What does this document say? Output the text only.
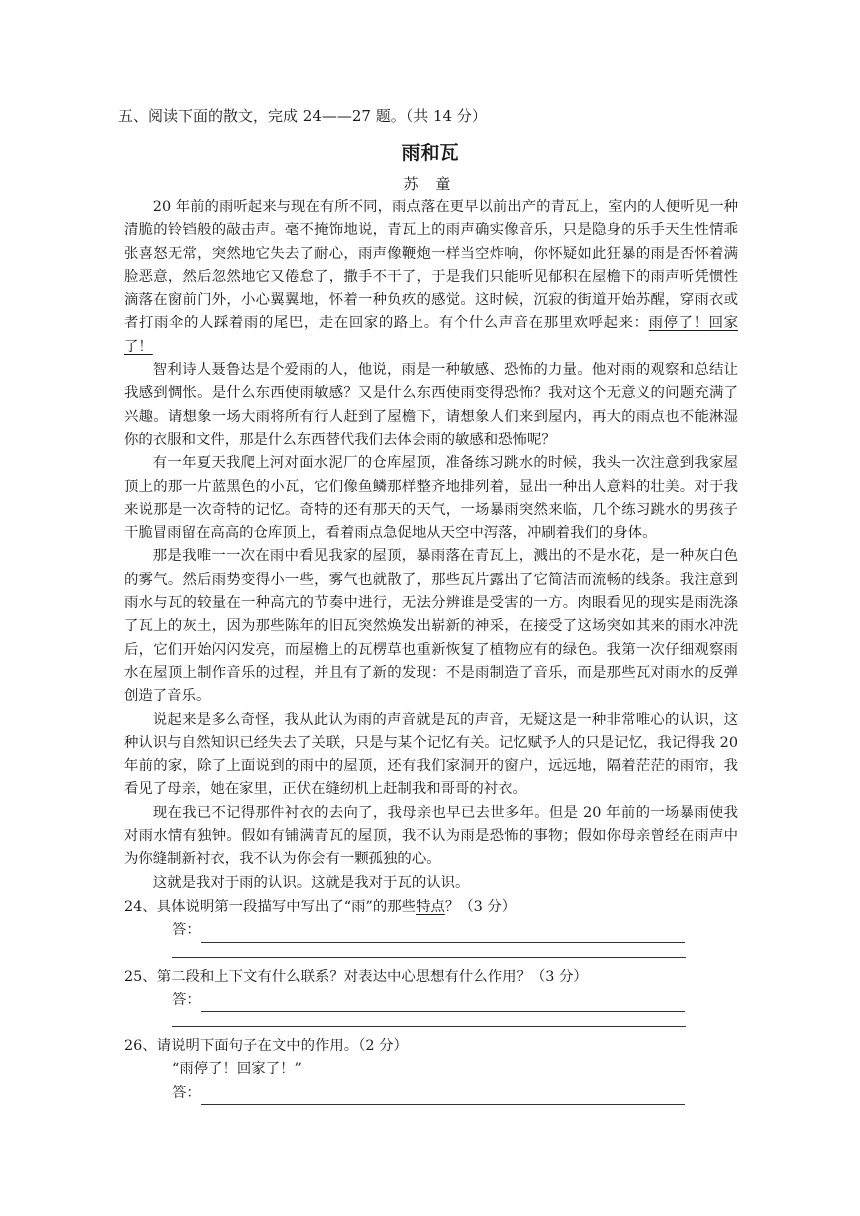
五、阅读下面的散文，完成 24——27 题。（共 14 分）
雨和瓦
苏 童

20 年前的雨听起来与现在有所不同，雨点落在更早以前出产的青瓦上，室内的人便听见一种清脆的铃铛般的敲击声。毫不掩饰地说，青瓦上的雨声确实像音乐，只是隐身的乐手天生性情乖张喜怒无常，突然地它失去了耐心，雨声像鞭炮一样当空炸响，你怀疑如此狂暴的雨是否怀着满脸恶意，然后忽然地它又倦怠了，撒手不干了，于是我们只能听见郁积在屋檐下的雨声听凭惯性滴落在窗前门外，小心翼翼地，怀着一种负疚的感觉。这时候，沉寂的街道开始苏醒，穿雨衣或者打雨伞的人踩着雨的尾巴，走在回家的路上。有个什么声音在那里欢呼起来：雨停了！回家了！

智利诗人聂鲁达是个爱雨的人，他说，雨是一种敏感、恐怖的力量。他对雨的观察和总结让我感到惆怅。是什么东西使雨敏感？又是什么东西使雨变得恐怖？我对这个无意义的问题充满了兴趣。请想象一场大雨将所有行人赶到了屋檐下，请想象人们来到屋内，再大的雨点也不能淋湿你的衣服和文件，那是什么东西替代我们去体会雨的敏感和恐怖呢？

有一年夏天我爬上河对面水泥厂的仓库屋顶，准备练习跳水的时候，我头一次注意到我家屋顶上的那一片蓝黑色的小瓦，它们像鱼鳞那样整齐地排列着，显出一种出人意料的壮美。对于我来说那是一次奇特的记忆。奇特的还有那天的天气，一场暴雨突然来临，几个练习跳水的男孩子干脆冒雨留在高高的仓库顶上，看着雨点急促地从天空中泻落，冲刷着我们的身体。

那是我唯一一次在雨中看见我家的屋顶，暴雨落在青瓦上，溅出的不是水花，是一种灰白色的雾气。然后雨势变得小一些，雾气也就散了，那些瓦片露出了它简洁而流畅的线条。我注意到雨水与瓦的较量在一种高亢的节奏中进行，无法分辨谁是受害的一方。肉眼看见的现实是雨洗涤了瓦上的灰土，因为那些陈年的旧瓦突然焕发出崭新的神采，在接受了这场突如其来的雨水冲洗后，它们开始闪闪发亮，而屋檐上的瓦楞草也重新恢复了植物应有的绿色。我第一次仔细观察雨水在屋顶上制作音乐的过程，并且有了新的发现：不是雨制造了音乐，而是那些瓦对雨水的反弹创造了音乐。

说起来是多么奇怪，我从此认为雨的声音就是瓦的声音，无疑这是一种非常唯心的认识，这种认识与自然知识已经失去了关联，只是与某个记忆有关。记忆赋予人的只是记忆，我记得我 20 年前的家，除了上面说到的雨中的屋顶，还有我们家洞开的窗户，远远地，隔着茫茫的雨帘，我看见了母亲，她在家里，正伏在缝纫机上赶制我和哥哥的衬衣。

现在我已不记得那件衬衣的去向了，我母亲也早已去世多年。但是 20 年前的一场暴雨使我对雨水情有独钟。假如有铺满青瓦的屋顶，我不认为雨是恐怖的事物；假如你母亲曾经在雨声中为你缝制新衬衣，我不认为你会有一颗孤独的心。

这就是我对于雨的认识。这就是我对于瓦的认识。

24、具体说明第一段描写中写出了“雨”的那些特点？（3 分）
答：
25、第二段和上下文有什么联系？对表达中心思想有什么作用？（3 分）
答：
26、请说明下面句子在文中的作用。（2 分）
“雨停了！回家了！”
答：
